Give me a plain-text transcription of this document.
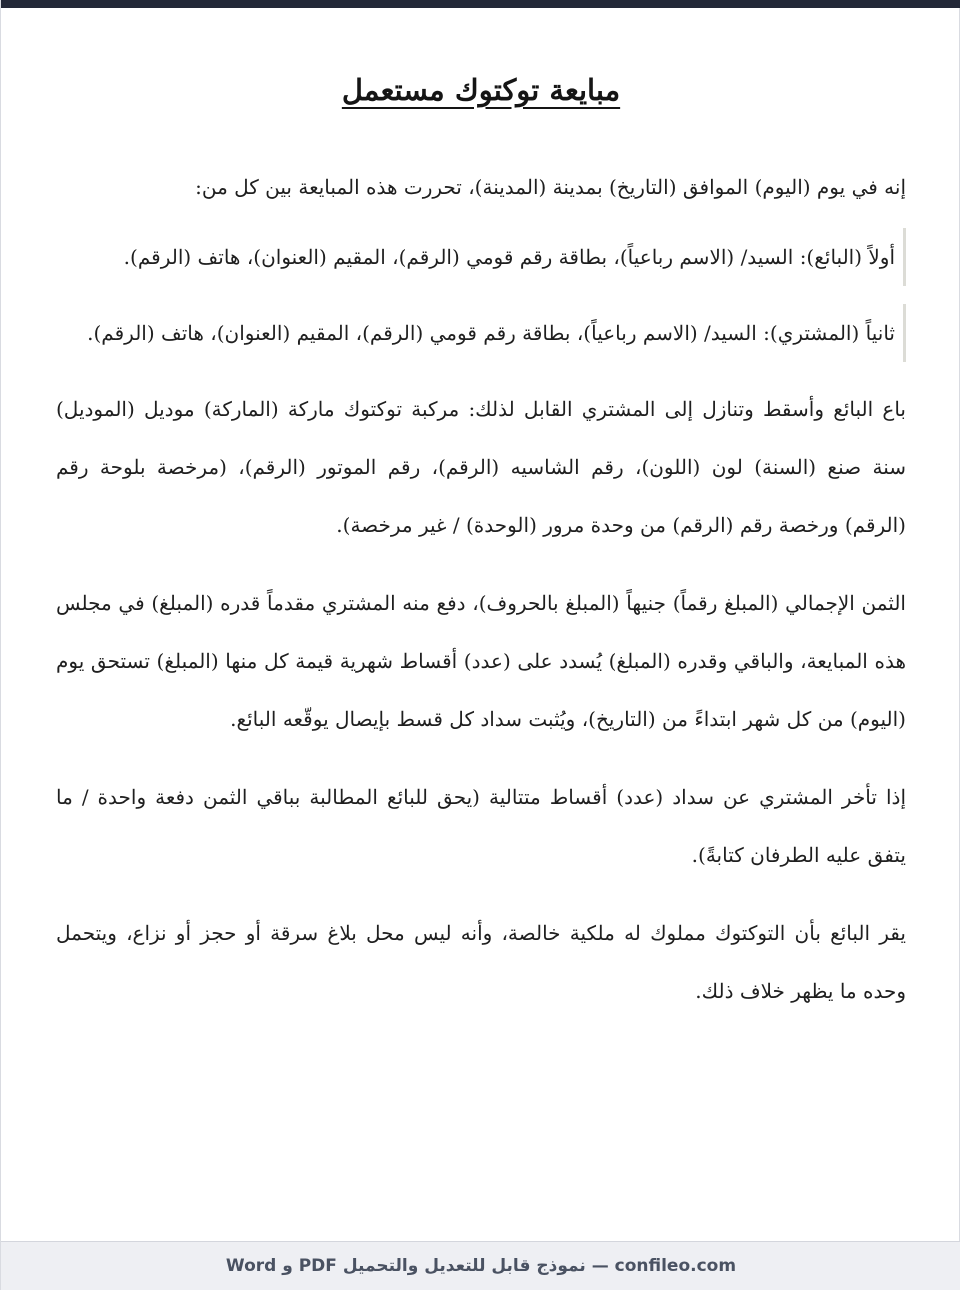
مبايعة توكتوك مستعمل

إنه في يوم (اليوم) الموافق (التاريخ) بمدينة (المدينة)، تحررت هذه المبايعة بين كل من:

أولاً (البائع): السيد/ (الاسم رباعياً)، بطاقة رقم قومي (الرقم)، المقيم (العنوان)، هاتف (الرقم).

ثانياً (المشتري): السيد/ (الاسم رباعياً)، بطاقة رقم قومي (الرقم)، المقيم (العنوان)، هاتف (الرقم).

باع البائع وأسقط وتنازل إلى المشتري القابل لذلك: مركبة توكتوك ماركة (الماركة) موديل (الموديل) سنة صنع (السنة) لون (اللون)، رقم الشاسيه (الرقم)، رقم الموتور (الرقم)، (مرخصة بلوحة رقم (الرقم) ورخصة رقم (الرقم) من وحدة مرور (الوحدة) / غير مرخصة).

الثمن الإجمالي (المبلغ رقماً) جنيهاً (المبلغ بالحروف)، دفع منه المشتري مقدماً قدره (المبلغ) في مجلس هذه المبايعة، والباقي وقدره (المبلغ) يُسدد على (عدد) أقساط شهرية قيمة كل منها (المبلغ) تستحق يوم (اليوم) من كل شهر ابتداءً من (التاريخ)، ويُثبت سداد كل قسط بإيصال يوقّعه البائع.

إذا تأخر المشتري عن سداد (عدد) أقساط متتالية (يحق للبائع المطالبة بباقي الثمن دفعة واحدة / ما يتفق عليه الطرفان كتابةً).

يقر البائع بأن التوكتوك مملوك له ملكية خالصة، وأنه ليس محل بلاغ سرقة أو حجز أو نزاع، ويتحمل وحده ما يظهر خلاف ذلك.

confileo.com — نموذج قابل للتعديل والتحميل PDF و Word
